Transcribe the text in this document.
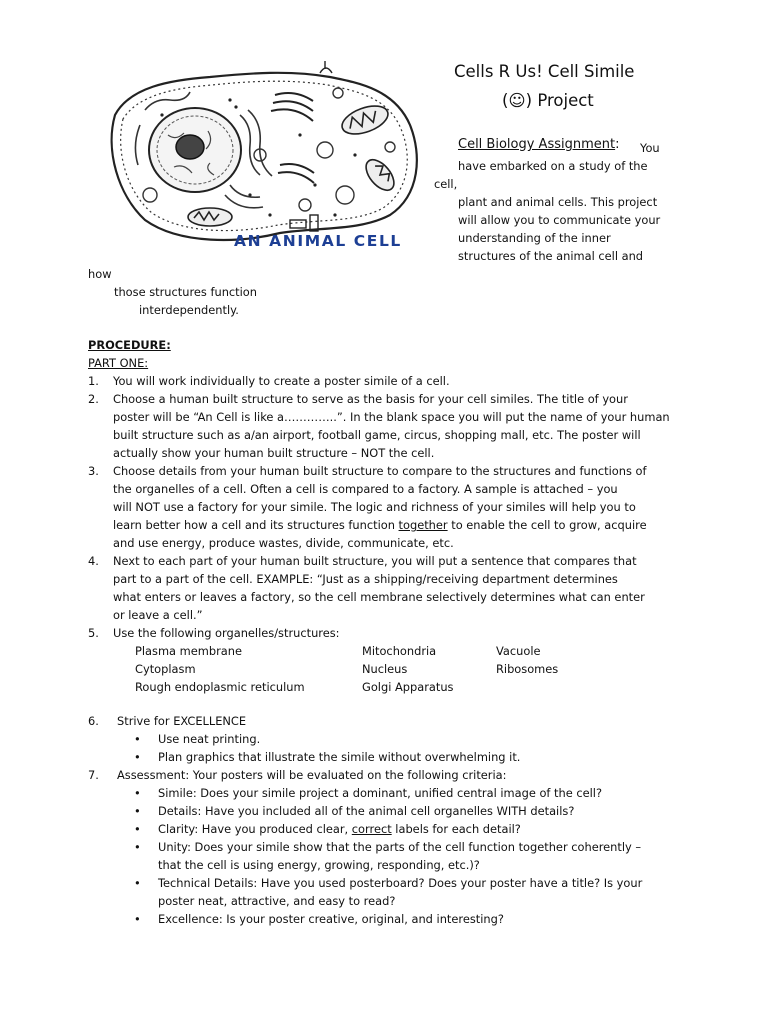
AN ANIMAL CELL
Cells R Us! Cell Simile
(☺) Project
Cell Biology Assignment: You
have embarked on a study of the
cell,
plant and animal cells. This project
will allow you to communicate your
understanding of the inner
structures of the animal cell and
how
those structures function
interdependently.
PROCEDURE:
PART ONE:
1. You will work individually to create a poster simile of a cell.
2. Choose a human built structure to serve as the basis for your cell similes. The title of your
poster will be “An Cell is like a…………..”. In the blank space you will put the name of your human
built structure such as a/an airport, football game, circus, shopping mall, etc. The poster will
actually show your human built structure – NOT the cell.
3. Choose details from your human built structure to compare to the structures and functions of
the organelles of a cell. Often a cell is compared to a factory. A sample is attached – you
will NOT use a factory for your simile. The logic and richness of your similes will help you to
learn better how a cell and its structures function together to enable the cell to grow, acquire
and use energy, produce wastes, divide, communicate, etc.
4. Next to each part of your human built structure, you will put a sentence that compares that
part to a part of the cell. EXAMPLE: “Just as a shipping/receiving department determines
what enters or leaves a factory, so the cell membrane selectively determines what can enter
or leave a cell.”
5. Use the following organelles/structures:
Plasma membrane
Cytoplasm
Rough endoplasmic reticulum
Mitochondria
Nucleus
Golgi Apparatus
Vacuole
Ribosomes
6. Strive for EXCELLENCE
• Use neat printing.
• Plan graphics that illustrate the simile without overwhelming it.
7. Assessment: Your posters will be evaluated on the following criteria:
• Simile: Does your simile project a dominant, unified central image of the cell?
• Details: Have you included all of the animal cell organelles WITH details?
• Clarity: Have you produced clear, correct labels for each detail?
• Unity: Does your simile show that the parts of the cell function together coherently –
that the cell is using energy, growing, responding, etc.)?
• Technical Details: Have you used posterboard? Does your poster have a title? Is your
poster neat, attractive, and easy to read?
• Excellence: Is your poster creative, original, and interesting?
